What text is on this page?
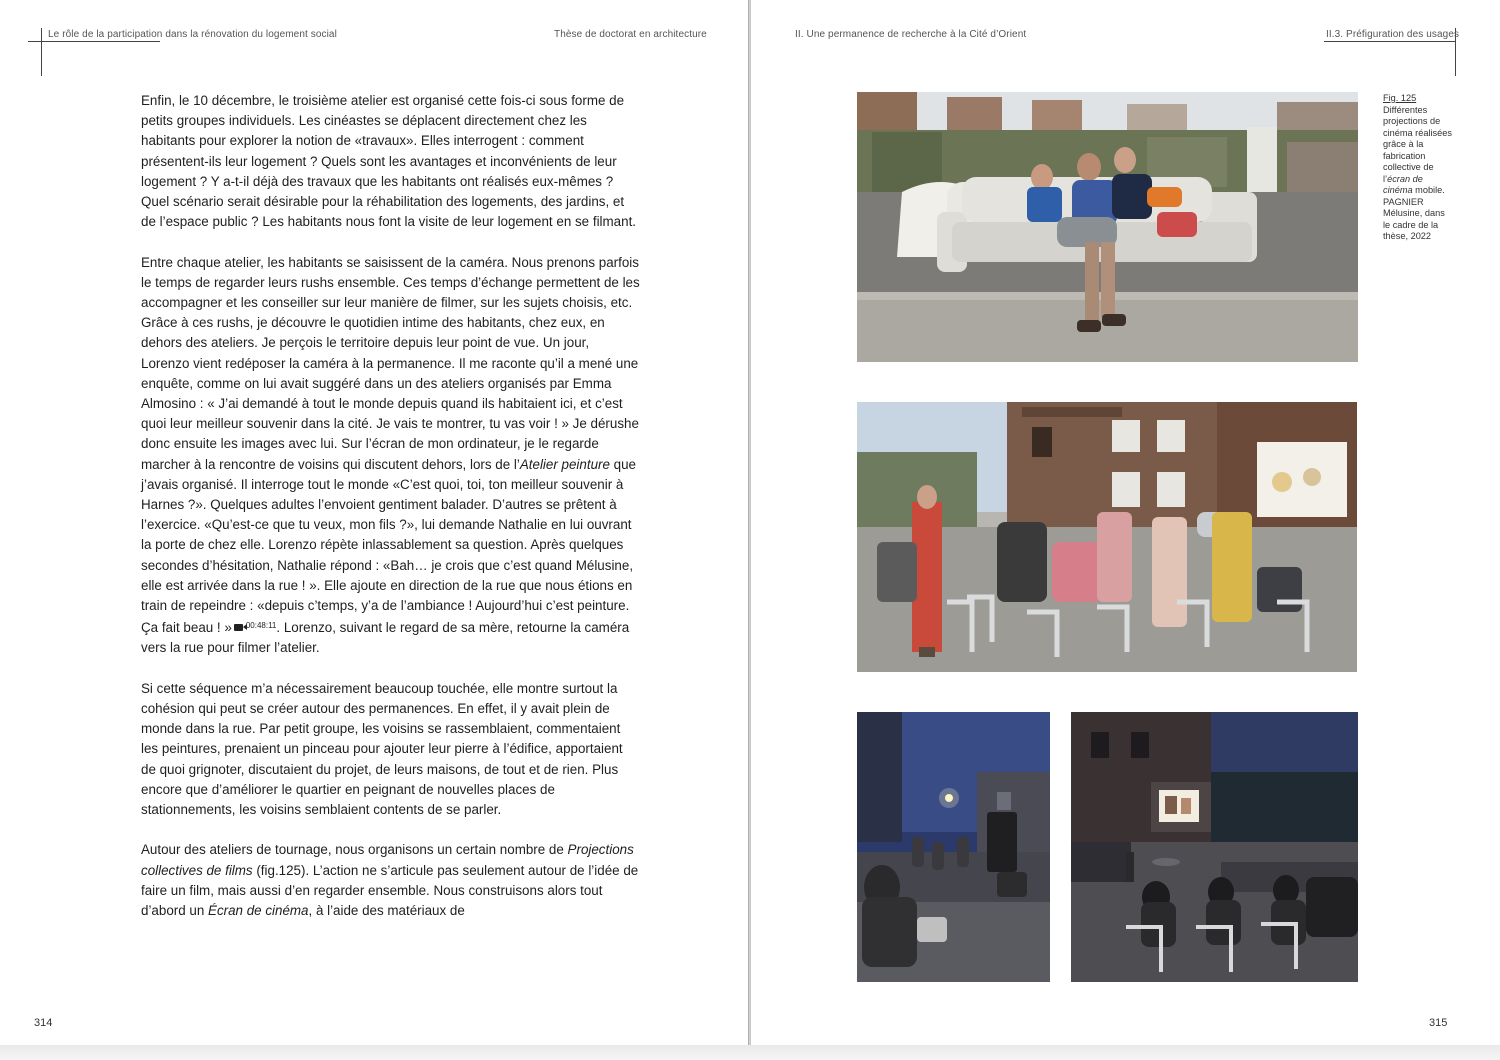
Le rôle de la participation dans la rénovation du logement social	Thèse de doctorat en architecture

Enfin, le 10 décembre, le troisième atelier est organisé cette fois-ci sous forme de petits groupes individuels. Les cinéastes se déplacent directement chez les habitants pour explorer la notion de «travaux». Elles interrogent : comment présentent-ils leur logement ? Quels sont les avantages et inconvénients de leur logement ? Y a-t-il déjà des travaux que les habitants ont réalisés eux-mêmes ? Quel scénario serait désirable pour la réhabilitation des logements, des jardins, et de l’espace public ? Les habitants nous font la visite de leur logement en se filmant.

Entre chaque atelier, les habitants se saisissent de la caméra. Nous prenons parfois le temps de regarder leurs rushs ensemble. Ces temps d’échange permettent de les accompagner et les conseiller sur leur manière de filmer, sur les sujets choisis, etc. Grâce à ces rushs, je découvre le quotidien intime des habitants, chez eux, en dehors des ateliers. Je perçois le territoire depuis leur point de vue. Un jour, Lorenzo vient redéposer la caméra à la permanence. Il me raconte qu’il a mené une enquête, comme on lui avait suggéré dans un des ateliers organisés par Emma Almosino : « J’ai demandé à tout le monde depuis quand ils habitaient ici, et c’est quoi leur meilleur souvenir dans la cité. Je vais te montrer, tu vas voir ! » Je dérushe donc ensuite les images avec lui. Sur l’écran de mon ordinateur, je le regarde marcher à la rencontre de voisins qui discutent dehors, lors de l’Atelier peinture que j’avais organisé. Il interroge tout le monde «C’est quoi, toi, ton meilleur souvenir à Harnes ?». Quelques adultes l’envoient gentiment balader. D’autres se prêtent à l’exercice. «Qu’est-ce que tu veux, mon fils ?», lui demande Nathalie en lui ouvrant la porte de chez elle. Lorenzo répète inlassablement sa question. Après quelques secondes d’hésitation, Nathalie répond : «Bah… je crois que c’est quand Mélusine, elle est arrivée dans la rue ! ». Elle ajoute en direction de la rue que nous étions en train de repeindre : «depuis c’temps, y’a de l’ambiance ! Aujourd’hui c’est peinture. Ça fait beau ! » $^{00:48:11}$. Lorenzo, suivant le regard de sa mère, retourne la caméra vers la rue pour filmer l’atelier.

Si cette séquence m’a nécessairement beaucoup touchée, elle montre surtout la cohésion qui peut se créer autour des permanences. En effet, il y avait plein de monde dans la rue. Par petit groupe, les voisins se rassemblaient, commentaient les peintures, prenaient un pinceau pour ajouter leur pierre à l’édifice, apportaient de quoi grignoter, discutaient du projet, de leurs maisons, de tout et de rien. Plus encore que d’améliorer le quartier en peignant de nouvelles places de stationnements, les voisins semblaient contents de se parler.

Autour des ateliers de tournage, nous organisons un certain nombre de Projections collectives de films (fig.125). L’action ne s’articule pas seulement autour de l’idée de faire un film, mais aussi d’en regarder ensemble. Nous construisons alors tout d’abord un Écran de cinéma, à l’aide des matériaux de

314
II. Une permanence de recherche à la Cité d’Orient	II.3. Préfiguration des usages
Fig. 125
Différentes projections de cinéma réalisées grâce à la fabrication collective de l’écran de cinéma mobile. PAGNIER Mélusine, dans le cadre de la thèse, 2022
315
